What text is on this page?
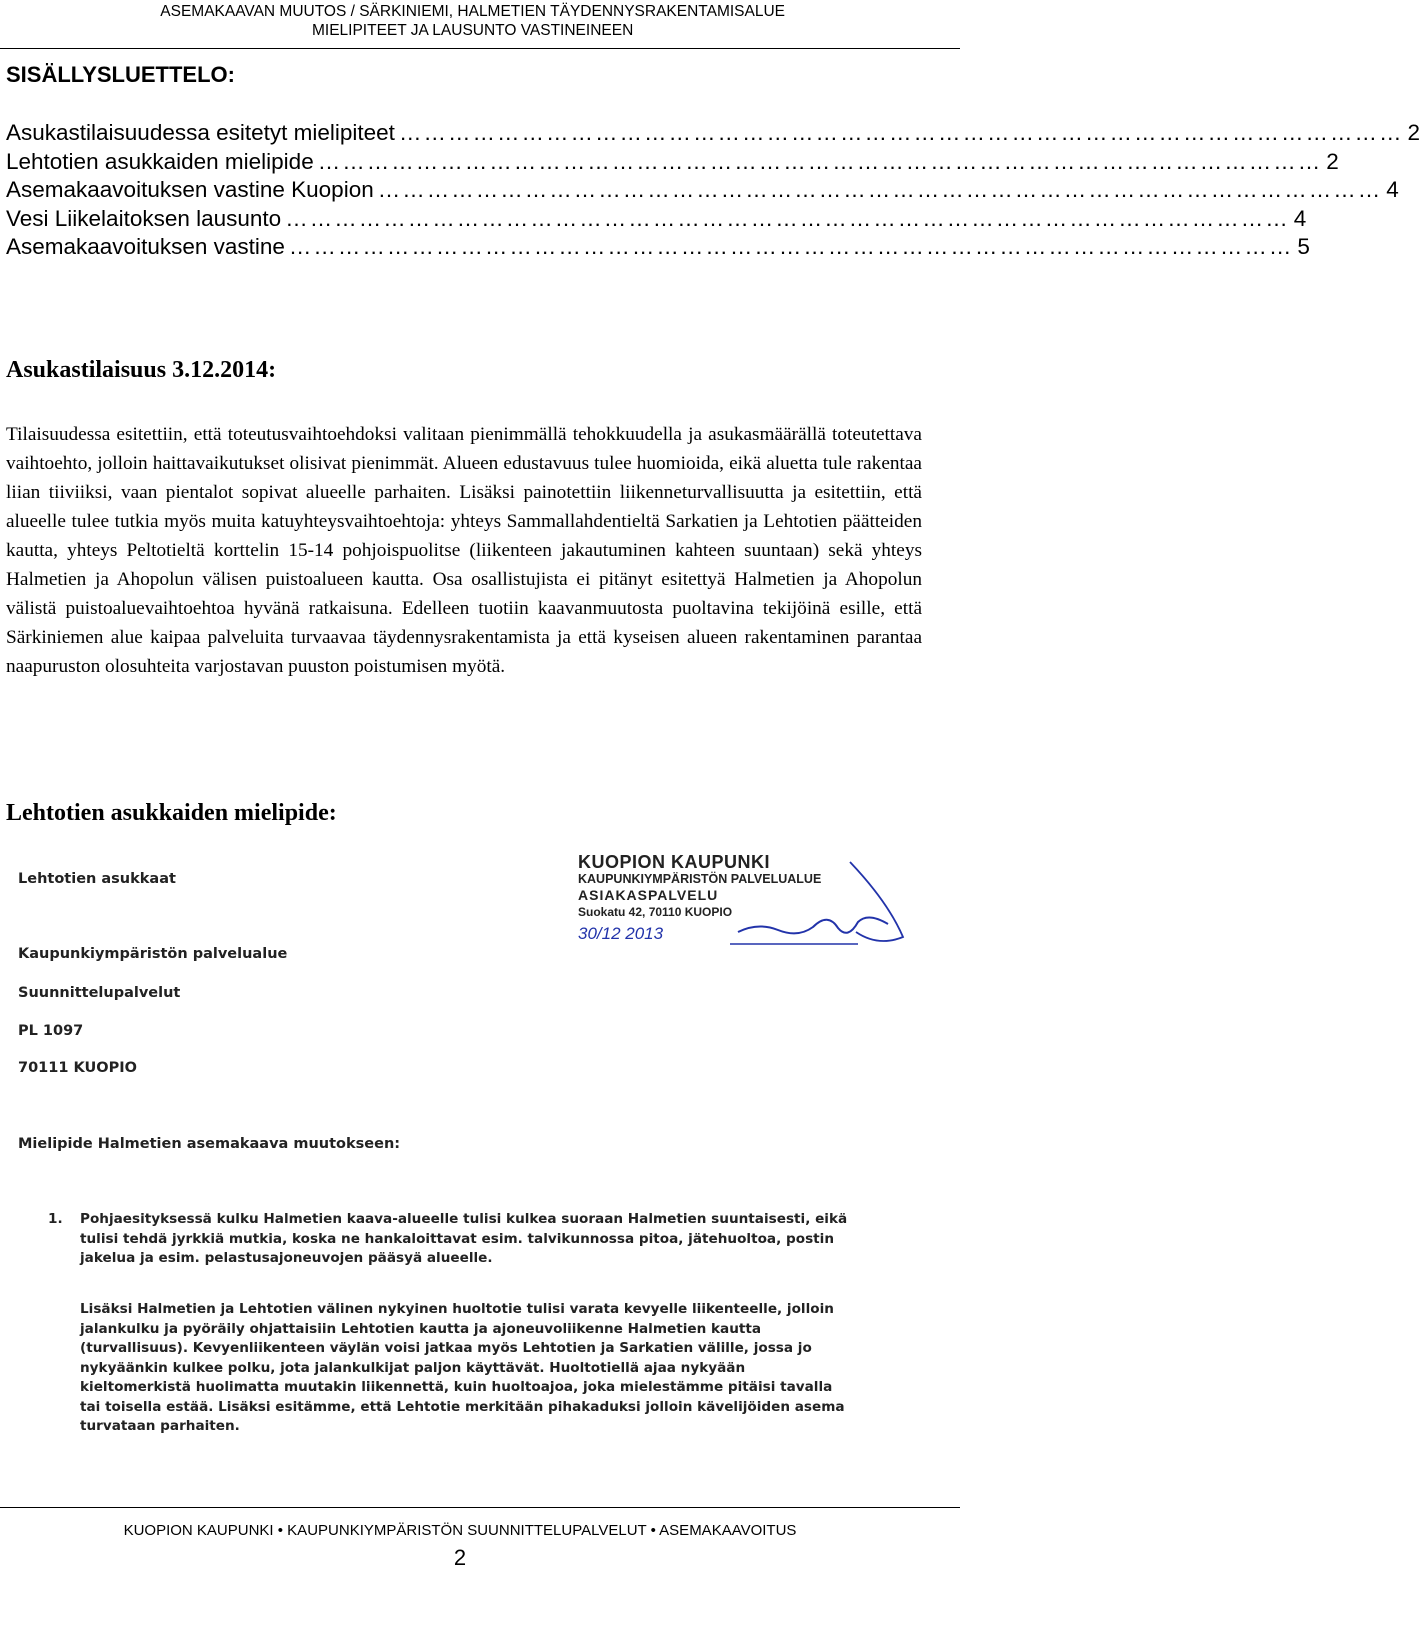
ASEMAKAAVAN MUUTOS / SÄRKINIEMI, HALMETIEN TÄYDENNYSRAKENTAMISALUE
MIELIPITEET JA LAUSUNTO VASTINEINEEN
SISÄLLYSLUETTELO:
Asukastilaisuudessa esitetyt mielipiteet …………………………………………………………………………………………………………… 2
Lehtotien asukkaiden mielipide …………………………………………………………………………………………………………… 2
Asemakaavoituksen vastine Kuopion …………………………………………………………………………………………………………… 4
Vesi Liikelaitoksen lausunto …………………………………………………………………………………………………………… 4
Asemakaavoituksen vastine …………………………………………………………………………………………………………… 5
Asukastilaisuus 3.12.2014:
Tilaisuudessa esitettiin, että toteutusvaihtoehdoksi valitaan pienimmällä tehokkuudella ja asukasmäärällä toteutettava vaihtoehto, jolloin haittavaikutukset olisivat pienimmät. Alueen edustavuus tulee huomioida, eikä aluetta tule rakentaa liian tiiviiksi, vaan pientalot sopivat alueelle parhaiten. Lisäksi painotettiin liikenneturvallisuutta ja esitettiin, että alueelle tulee tutkia myös muita katuyhteysvaihtoehtoja: yhteys Sammallahdentieltä Sarkatien ja Lehtotien päätteiden kautta, yhteys Peltotieltä korttelin 15-14 pohjoispuolitse (liikenteen jakautuminen kahteen suuntaan) sekä yhteys Halmetien ja Ahopolun välisen puistoalueen kautta. Osa osallistujista ei pitänyt esitettyä Halmetien ja Ahopolun välistä puistoaluevaihtoehtoa hyvänä ratkaisuna. Edelleen tuotiin kaavanmuutosta puoltavina tekijöinä esille, että Särkiniemen alue kaipaa palveluita turvaavaa täydennysrakentamista ja että kyseisen alueen rakentaminen parantaa naapuruston olosuhteita varjostavan puuston poistumisen myötä.
Lehtotien asukkaiden mielipide:
Lehtotien asukkaat
Kaupunkiympäristön palvelualue
Suunnittelupalvelut
PL 1097
70111 KUOPIO
KUOPION KAUPUNKI
KAUPUNKIYMPÄRISTÖN PALVELUALUE
ASIAKASPALVELU
Suokatu 42, 70110 KUOPIO
30/12 2013
Mielipide Halmetien asemakaava muutokseen:
1. Pohjaesityksessä kulku Halmetien kaava-alueelle tulisi kulkea suoraan Halmetien suuntaisesti, eikä tulisi tehdä jyrkkiä mutkia, koska ne hankaloittavat esim. talvikunnossa pitoa, jätehuoltoa, postin jakelua ja esim. pelastusajoneuvojen pääsyä alueelle.
Lisäksi Halmetien ja Lehtotien välinen nykyinen huoltotie tulisi varata kevyelle liikenteelle, jolloin jalankulku ja pyöräily ohjattaisiin Lehtotien kautta ja ajoneuvoliikenne Halmetien kautta (turvallisuus). Kevyenliikenteen väylän voisi jatkaa myös Lehtotien ja Sarkatien välille, jossa jo nykyäänkin kulkee polku, jota jalankulkijat paljon käyttävät. Huoltotiellä ajaa nykyään kieltomerkistä huolimatta muutakin liikennettä, kuin huoltoajoa, joka mielestämme pitäisi tavalla tai toisella estää. Lisäksi esitämme, että Lehtotie merkitään pihakaduksi jolloin kävelijöiden asema turvataan parhaiten.
KUOPION KAUPUNKI • KAUPUNKIYMPÄRISTÖN SUUNNITTELUPALVELUT • ASEMAKAAVOITUS
2
